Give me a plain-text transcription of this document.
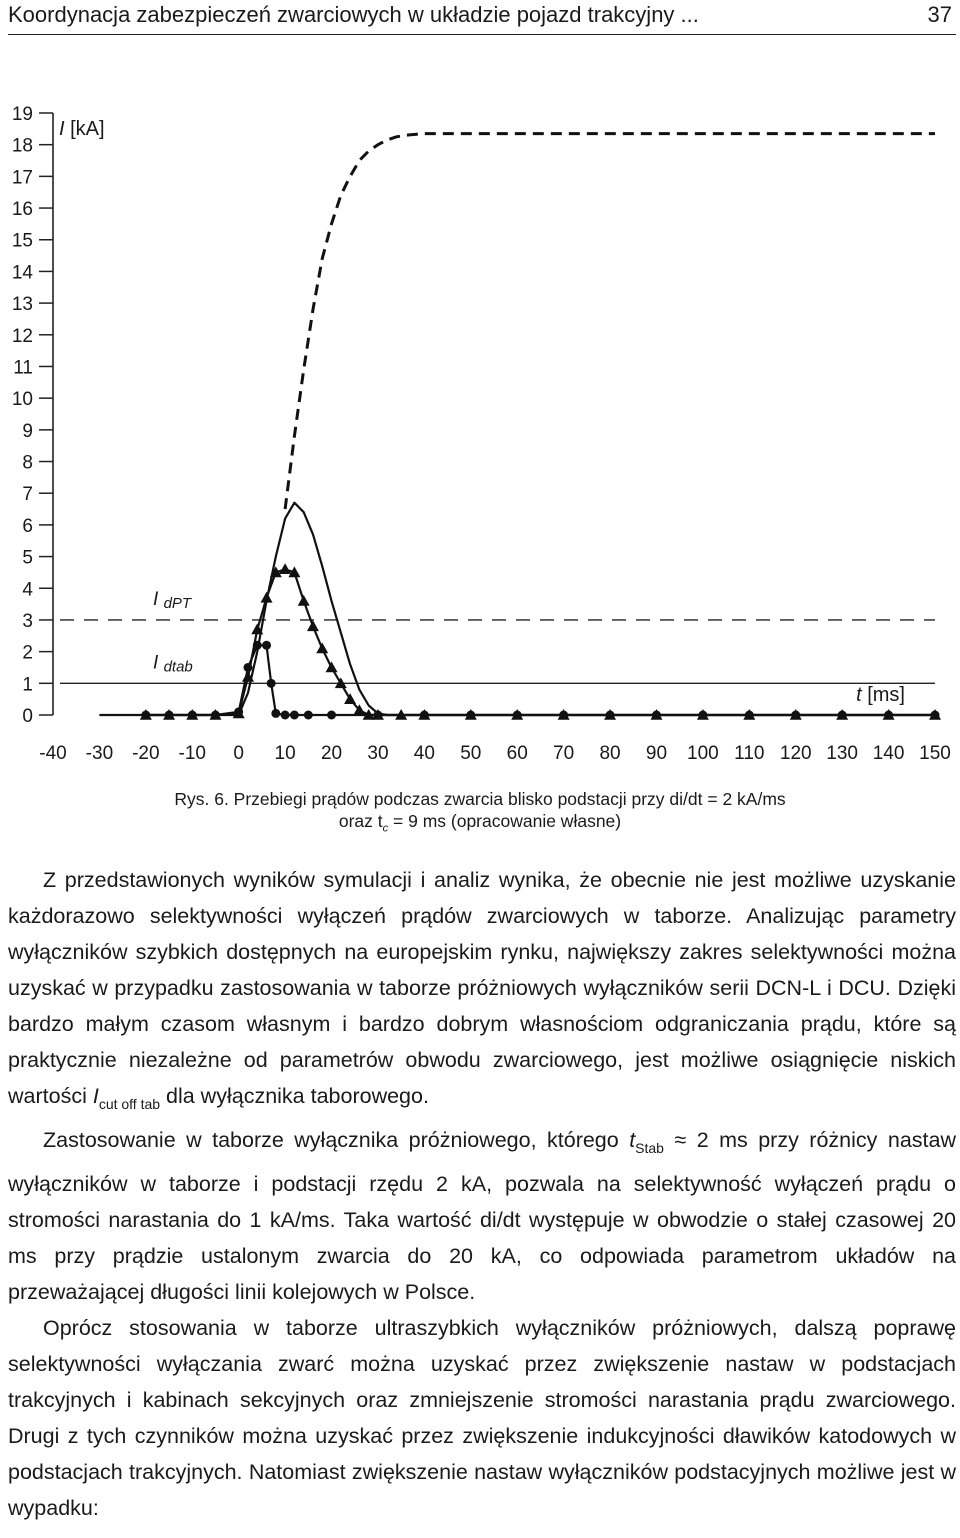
Koordynacja zabezpieczeń zwarciowych w układzie pojazd trakcyjny ...	37
0
1
2
3
4
5
6
7
8
9
10
11
12
13
14
15
16
17
18
19
I [kA]
-40 -30 -20 -10 0 10 20 30 40 50 60 70 80 90 100 110 120 130 140 150
t [ms]
I dPT
I dtab
Rys. 6. Przebiegi prądów podczas zwarcia blisko podstacji przy di/dt = 2 kA/ms
oraz $t_c = 9$ ms (opracowanie własne)

Z przedstawionych wyników symulacji i analiz wynika, że obecnie nie jest możliwe uzyskanie każdorazowo selektywności wyłączeń prądów zwarciowych w taborze. Analizując parametry wyłączników szybkich dostępnych na europejskim rynku, największy zakres selektywności można uzyskać w przypadku zastosowania w taborze próżniowych wyłączników serii DCN-L i DCU. Dzięki bardzo małym czasom własnym i bardzo dobrym własnościom odgraniczania prądu, które są praktycznie niezależne od parametrów obwodu zwarciowego, jest możliwe osiągnięcie niskich wartości $I_{cut off tab}$ dla wyłącznika taborowego.

Zastosowanie w taborze wyłącznika próżniowego, którego $t_{Stab} \approx 2$ ms przy różnicy nastaw wyłączników w taborze i podstacji rzędu 2 kA, pozwala na selektywność wyłączeń prądu o stromości narastania do 1 kA/ms. Taka wartość di/dt występuje w obwodzie o stałej czasowej 20 ms przy prądzie ustalonym zwarcia do 20 kA, co odpowiada parametrom układów na przeważającej długości linii kolejowych w Polsce.

Oprócz stosowania w taborze ultraszybkich wyłączników próżniowych, dalszą poprawę selektywności wyłączania zwarć można uzyskać przez zwiększenie nastaw w podstacjach trakcyjnych i kabinach sekcyjnych oraz zmniejszenie stromości narastania prądu zwarciowego. Drugi z tych czynników można uzyskać przez zwiększenie indukcyjności dławików katodowych w podstacjach trakcyjnych. Natomiast zwiększenie nastaw wyłączników podstacyjnych możliwe jest w wypadku:
